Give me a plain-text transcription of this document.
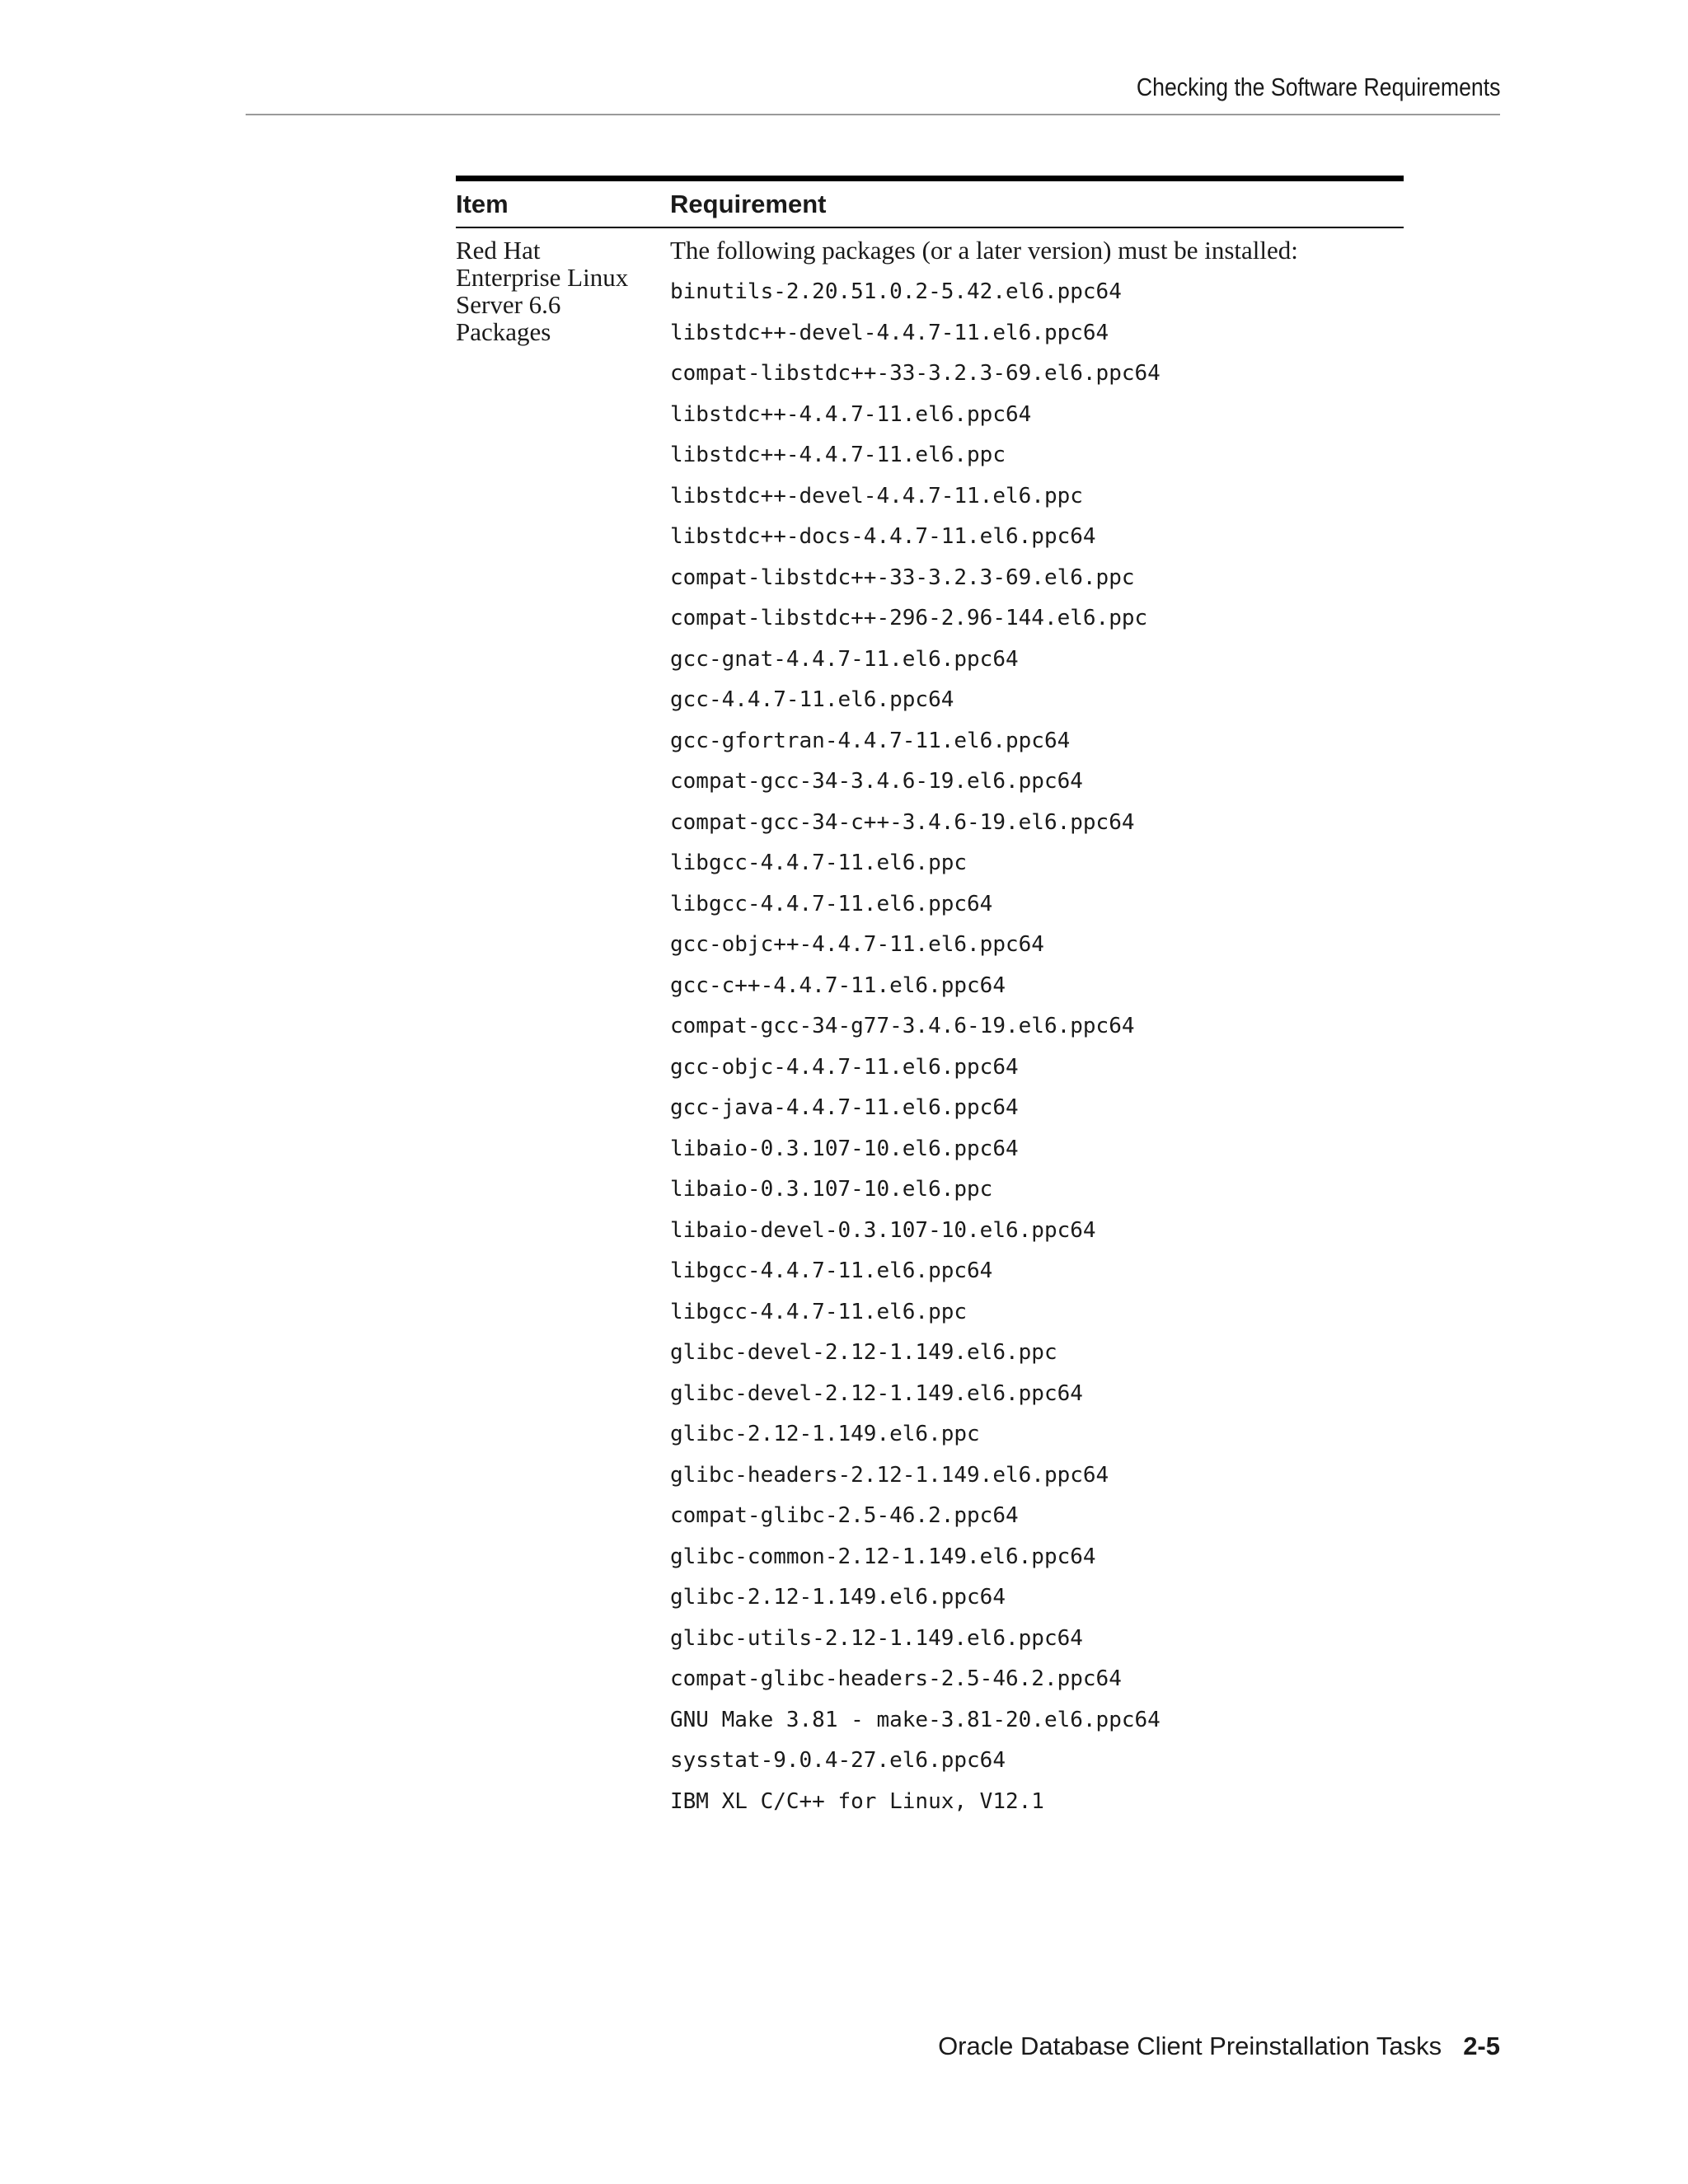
Checking the Software Requirements
Item	Requirement
Red Hat
Enterprise Linux
Server 6.6
Packages

The following packages (or a later version) must be installed:

binutils-2.20.51.0.2-5.42.el6.ppc64
libstdc++-devel-4.4.7-11.el6.ppc64
compat-libstdc++-33-3.2.3-69.el6.ppc64
libstdc++-4.4.7-11.el6.ppc64
libstdc++-4.4.7-11.el6.ppc
libstdc++-devel-4.4.7-11.el6.ppc
libstdc++-docs-4.4.7-11.el6.ppc64
compat-libstdc++-33-3.2.3-69.el6.ppc
compat-libstdc++-296-2.96-144.el6.ppc
gcc-gnat-4.4.7-11.el6.ppc64
gcc-4.4.7-11.el6.ppc64
gcc-gfortran-4.4.7-11.el6.ppc64
compat-gcc-34-3.4.6-19.el6.ppc64
compat-gcc-34-c++-3.4.6-19.el6.ppc64
libgcc-4.4.7-11.el6.ppc
libgcc-4.4.7-11.el6.ppc64
gcc-objc++-4.4.7-11.el6.ppc64
gcc-c++-4.4.7-11.el6.ppc64
compat-gcc-34-g77-3.4.6-19.el6.ppc64
gcc-objc-4.4.7-11.el6.ppc64
gcc-java-4.4.7-11.el6.ppc64
libaio-0.3.107-10.el6.ppc64
libaio-0.3.107-10.el6.ppc
libaio-devel-0.3.107-10.el6.ppc64
libgcc-4.4.7-11.el6.ppc64
libgcc-4.4.7-11.el6.ppc
glibc-devel-2.12-1.149.el6.ppc
glibc-devel-2.12-1.149.el6.ppc64
glibc-2.12-1.149.el6.ppc
glibc-headers-2.12-1.149.el6.ppc64
compat-glibc-2.5-46.2.ppc64
glibc-common-2.12-1.149.el6.ppc64
glibc-2.12-1.149.el6.ppc64
glibc-utils-2.12-1.149.el6.ppc64
compat-glibc-headers-2.5-46.2.ppc64
GNU Make 3.81 - make-3.81-20.el6.ppc64
sysstat-9.0.4-27.el6.ppc64
IBM XL C/C++ for Linux, V12.1
Oracle Database Client Preinstallation Tasks 2-5
